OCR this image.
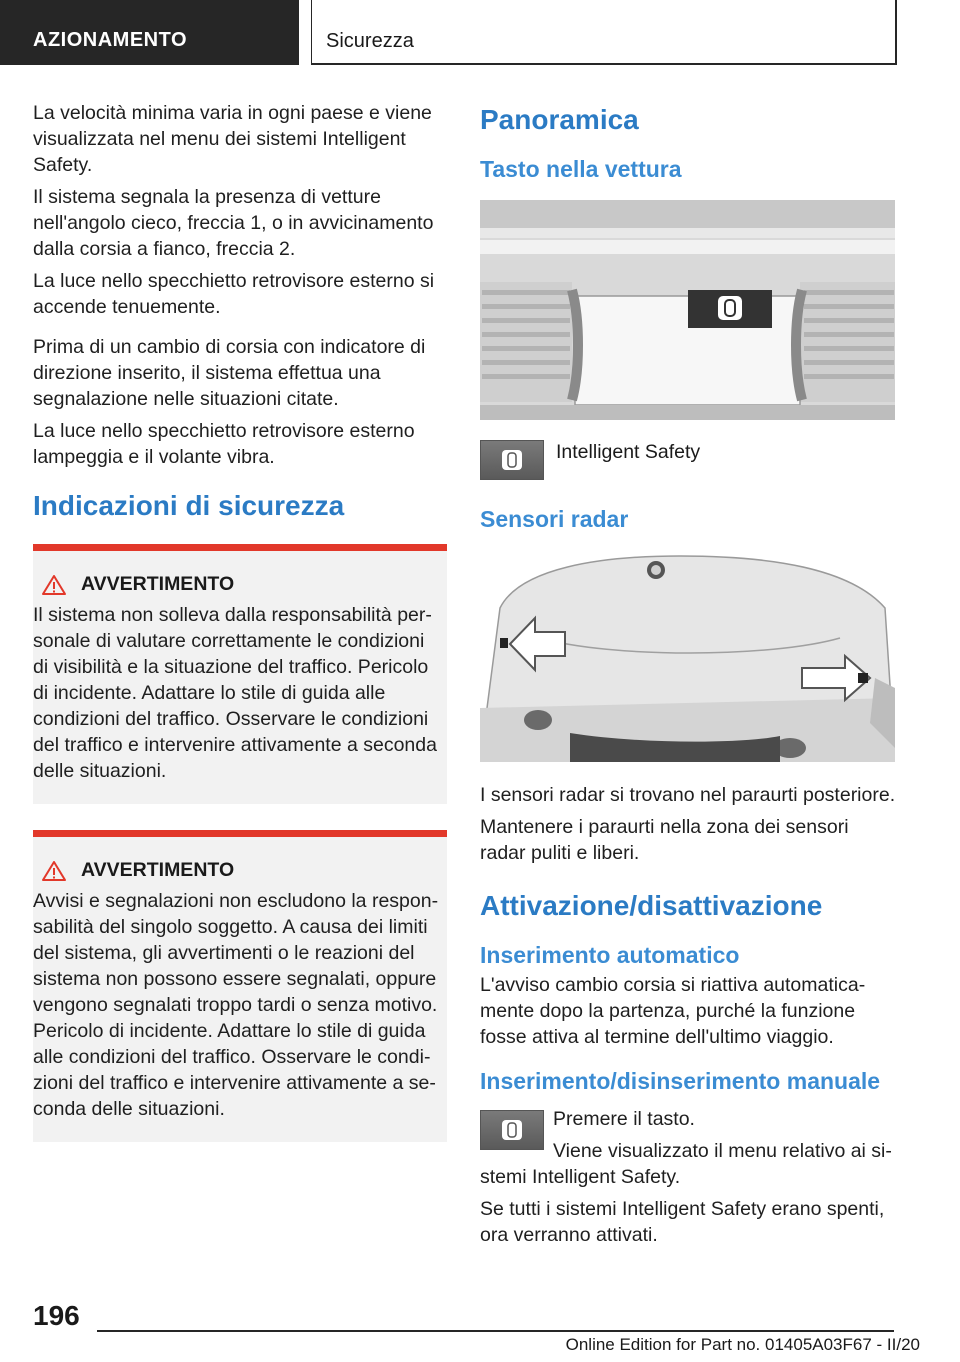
AZIONAMENTO	Sicurezza

La velocità minima varia in ogni paese e viene visualizzata nel menu dei sistemi Intelligent Safety.

Il sistema segnala la presenza di vetture nell'angolo cieco, freccia 1, o in avvicinamento dalla corsia a fianco, freccia 2.

La luce nello specchietto retrovisore esterno si accende tenuemente.

Prima di un cambio di corsia con indicatore di direzione inserito, il sistema effettua una segnalazione nelle situazioni citate.

La luce nello specchietto retrovisore esterno lampeggia e il volante vibra.

Indicazioni di sicurezza
AVVERTIMENTO

Il sistema non solleva dalla responsabilità personale di valutare correttamente le condizioni di visibilità e la situazione del traffico. Pericolo di incidente. Adattare lo stile di guida alle condizioni del traffico. Osservare le condizioni del traffico e intervenire attivamente a seconda delle situazioni.

AVVERTIMENTO

Avvisi e segnalazioni non escludono la responsabilità del singolo soggetto. A causa dei limiti del sistema, gli avvertimenti o le reazioni del sistema non possono essere segnalati, oppure vengono segnalati troppo tardi o senza motivo. Pericolo di incidente. Adattare lo stile di guida alle condizioni del traffico. Osservare le condizioni del traffico e intervenire attivamente a seconda delle situazioni.

Panoramica
Tasto nella vettura
Intelligent Safety
Sensori radar

I sensori radar si trovano nel paraurti posteriore.

Mantenere i paraurti nella zona dei sensori radar puliti e liberi.

Attivazione/disattivazione
Inserimento automatico

L'avviso cambio corsia si riattiva automaticamente dopo la partenza, purché la funzione fosse attiva al termine dell'ultimo viaggio.

Inserimento/disinserimento manuale

Premere il tasto.

Viene visualizzato il menu relativo ai sistemi Intelligent Safety.

Se tutti i sistemi Intelligent Safety erano spenti, ora verranno attivati.

196
Online Edition for Part no. 01405A03F67 - II/20
